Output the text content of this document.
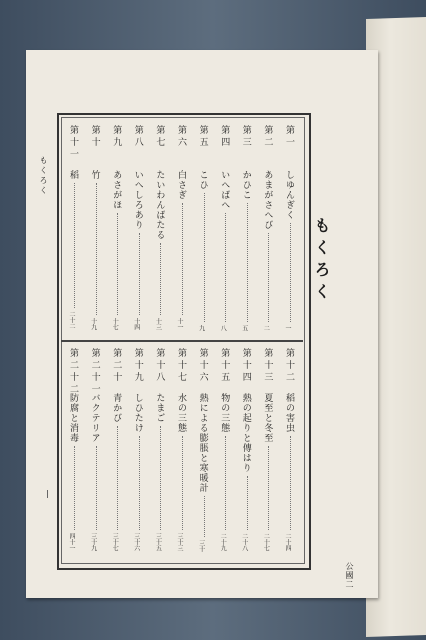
もくろく
もくろく
公國二
第一
しゆんぎく
一
第二
あまがさへび
二
第三
かひこ
五
第四
いへばへ
八
第五
こひ
九
第六
白さぎ
十一
第七
たいわんばたる
十三
第八
いへしろあり
十四
第九
あさがほ
十七
第十
竹
十九
第十一
稻
二十二
第十二
稻の害虫
二十四
第十三
夏至と冬至
二十七
第十四
熱の起りと傳はり
二十八
第十五
物の三態
二十九
第十六
熱による膨脹と寒暖計
三十
第十七
水の三態
三十三
第十八
たまご
三十五
第十九
しひたけ
三十六
第二十
青かび
三十七
第二十一
バクテリア
三十九
第二十二
防腐と消毒
四十一
